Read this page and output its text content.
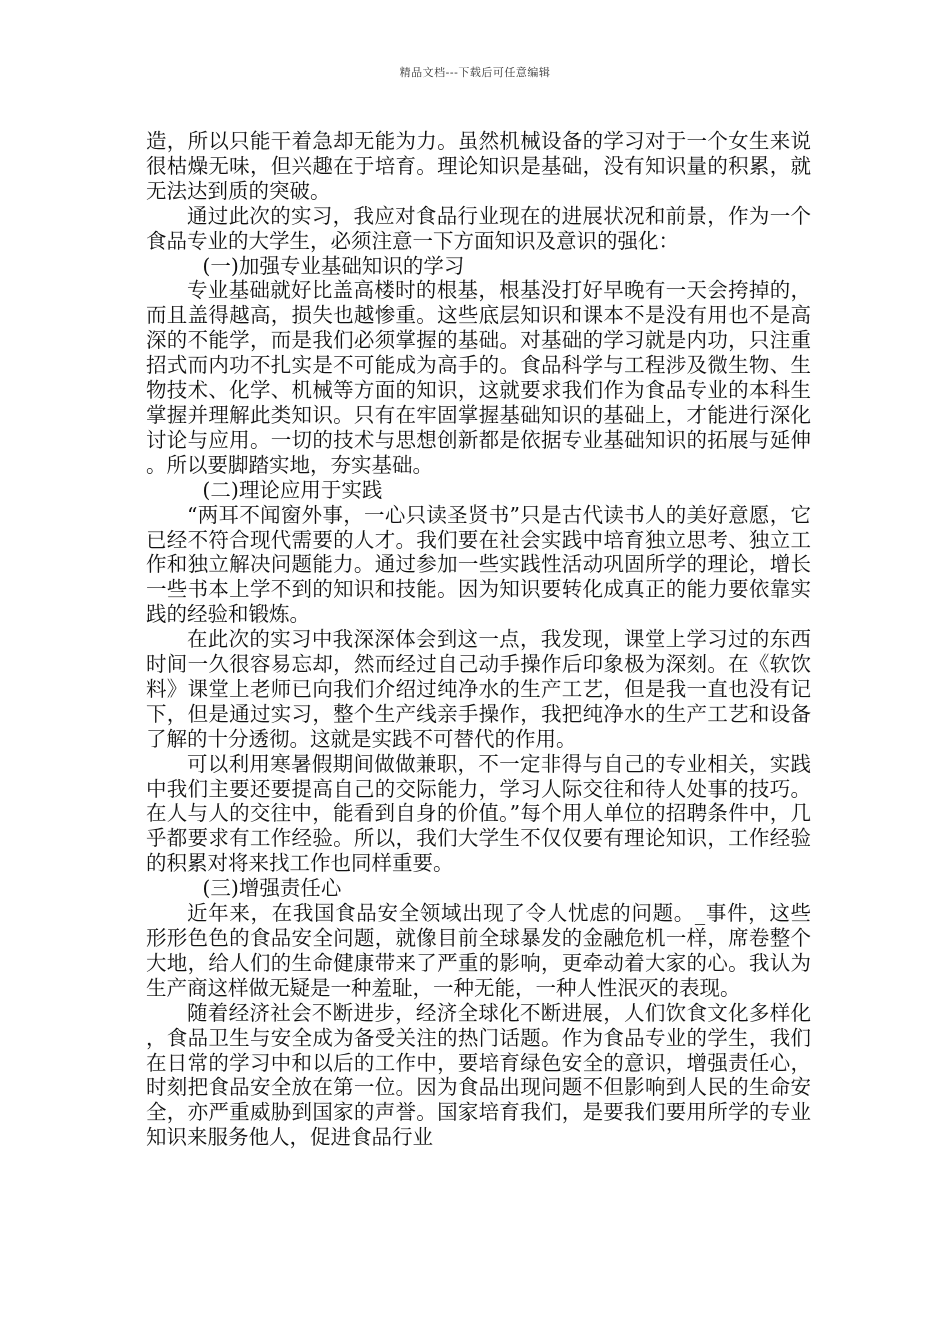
精品文档---下载后可任意编辑

造，所以只能干着急却无能为力。虽然机械设备的学习对于一个女生来说很枯燥无味，但兴趣在于培育。理论知识是基础，没有知识量的积累，就无法达到质的突破。

通过此次的实习，我应对食品行业现在的进展状况和前景，作为一个食品专业的大学生，必须注意一下方面知识及意识的强化：

(一)加强专业基础知识的学习

专业基础就好比盖高楼时的根基，根基没打好早晚有一天会挎掉的，而且盖得越高，损失也越惨重。这些底层知识和课本不是没有用也不是高深的不能学，而是我们必须掌握的基础。对基础的学习就是内功，只注重招式而内功不扎实是不可能成为高手的。食品科学与工程涉及微生物、生物技术、化学、机械等方面的知识，这就要求我们作为食品专业的本科生掌握并理解此类知识。只有在牢固掌握基础知识的基础上，才能进行深化讨论与应用。一切的技术与思想创新都是依据专业基础知识的拓展与延伸。所以要脚踏实地，夯实基础。

(二)理论应用于实践

“两耳不闻窗外事，一心只读圣贤书”只是古代读书人的美好意愿，它已经不符合现代需要的人才。我们要在社会实践中培育独立思考、独立工作和独立解决问题能力。通过参加一些实践性活动巩固所学的理论，增长一些书本上学不到的知识和技能。因为知识要转化成真正的能力要依靠实践的经验和锻炼。

在此次的实习中我深深体会到这一点，我发现，课堂上学习过的东西时间一久很容易忘却，然而经过自己动手操作后印象极为深刻。在《软饮料》课堂上老师已向我们介绍过纯净水的生产工艺，但是我一直也没有记下，但是通过实习，整个生产线亲手操作，我把纯净水的生产工艺和设备了解的十分透彻。这就是实践不可替代的作用。

可以利用寒暑假期间做做兼职，不一定非得与自己的专业相关，实践中我们主要还要提高自己的交际能力，学习人际交往和待人处事的技巧。在人与人的交往中，能看到自身的价值。”每个用人单位的招聘条件中，几乎都要求有工作经验。所以，我们大学生不仅仅要有理论知识，工作经验的积累对将来找工作也同样重要。

(三)增强责任心

近年来，在我国食品安全领域出现了令人忧虑的问题。_事件，这些形形色色的食品安全问题，就像目前全球暴发的金融危机一样，席卷整个大地，给人们的生命健康带来了严重的影响，更牵动着大家的心。我认为生产商这样做无疑是一种羞耻，一种无能，一种人性泯灭的表现。

随着经济社会不断进步，经济全球化不断进展，人们饮食文化多样化，食品卫生与安全成为备受关注的热门话题。作为食品专业的学生，我们在日常的学习中和以后的工作中，要培育绿色安全的意识，增强责任心，时刻把食品安全放在第一位。因为食品出现问题不但影响到人民的生命安全，亦严重威胁到国家的声誉。国家培育我们，是要我们要用所学的专业知识来服务他人，促进食品行业
